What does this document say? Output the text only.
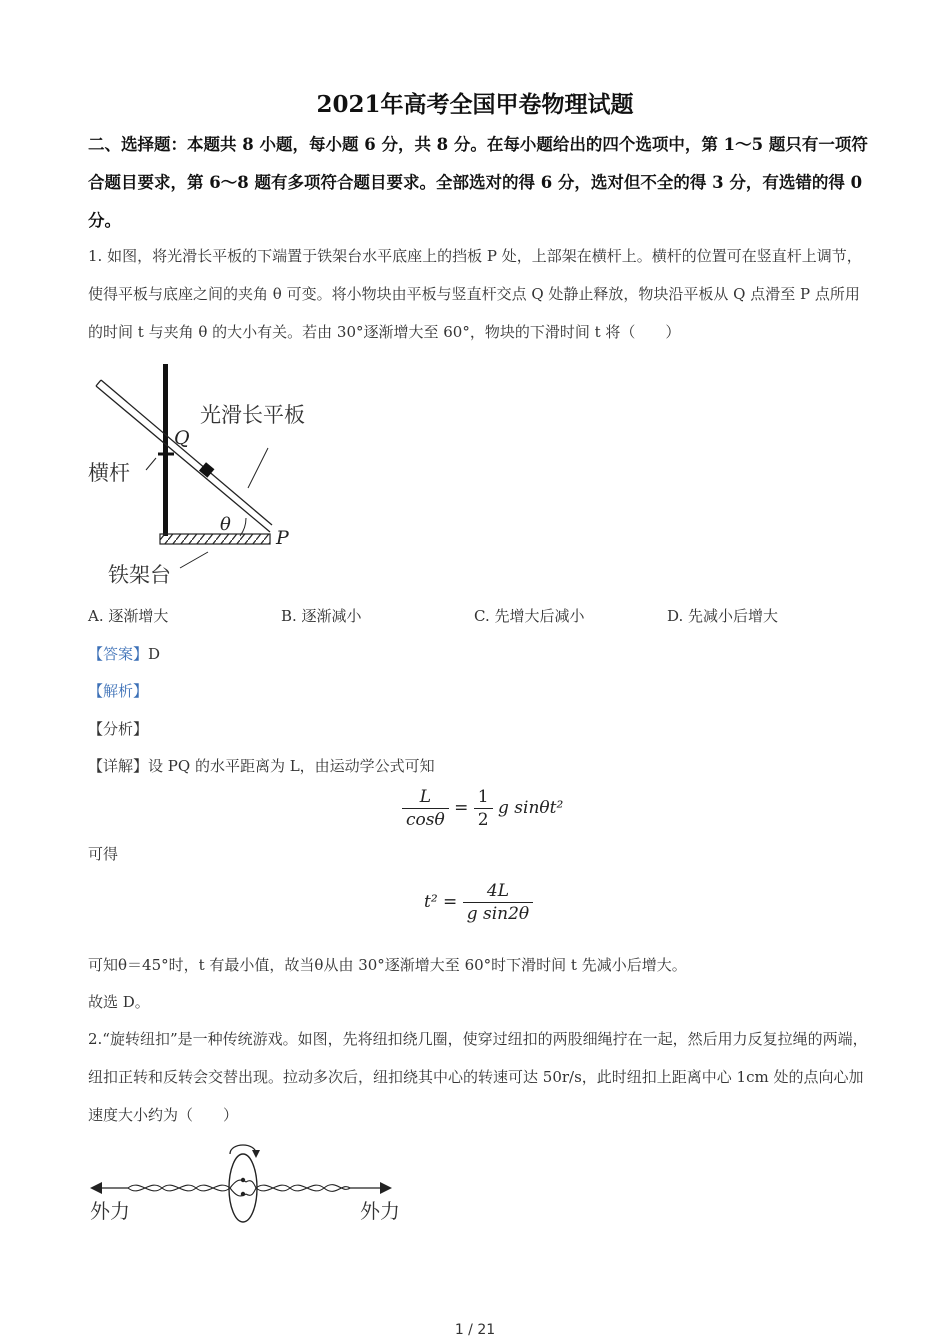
2021年高考全国甲卷物理试题
二、选择题：本题共 8 小题，每小题 6 分，共 8 分。在每小题给出的四个选项中，第 1～5 题只有一项符合题目要求，第 6～8 题有多项符合题目要求。全部选对的得 6 分，选对但不全的得 3 分，有选错的得 0 分。
1. 如图，将光滑长平板的下端置于铁架台水平底座上的挡板 P 处，上部架在横杆上。横杆的位置可在竖直杆上调节，使得平板与底座之间的夹角 θ 可变。将小物块由平板与竖直杆交点 Q 处静止释放，物块沿平板从 Q 点滑至 P 点所用的时间 t 与夹角 θ 的大小有关。若由 30°逐渐增大至 60°，物块的下滑时间 t 将（　　）
光滑长平板
Q
横杆
θ
P
铁架台
A. 逐渐增大	B. 逐渐减小	C. 先增大后减小	D. 先减小后增大
【答案】D
【解析】
【分析】
【详解】设 PQ 的水平距离为 L，由运动学公式可知
$\frac{L}{\cos\theta} = \frac{1}{2}$ g sinθt²
可得
$t^2 = \frac{4L}{\text{g sin2θ}}$
可知θ＝45°时，t 有最小值，故当θ从由 30°逐渐增大至 60°时下滑时间 t 先减小后增大。
故选 D。
2.“旋转纽扣”是一种传统游戏。如图，先将纽扣绕几圈，使穿过纽扣的两股细绳拧在一起，然后用力反复拉绳的两端，纽扣正转和反转会交替出现。拉动多次后，纽扣绕其中心的转速可达 50r/s，此时纽扣上距离中心 1cm 处的点向心加速度大小约为（　　）
外力	外力
1 / 21
